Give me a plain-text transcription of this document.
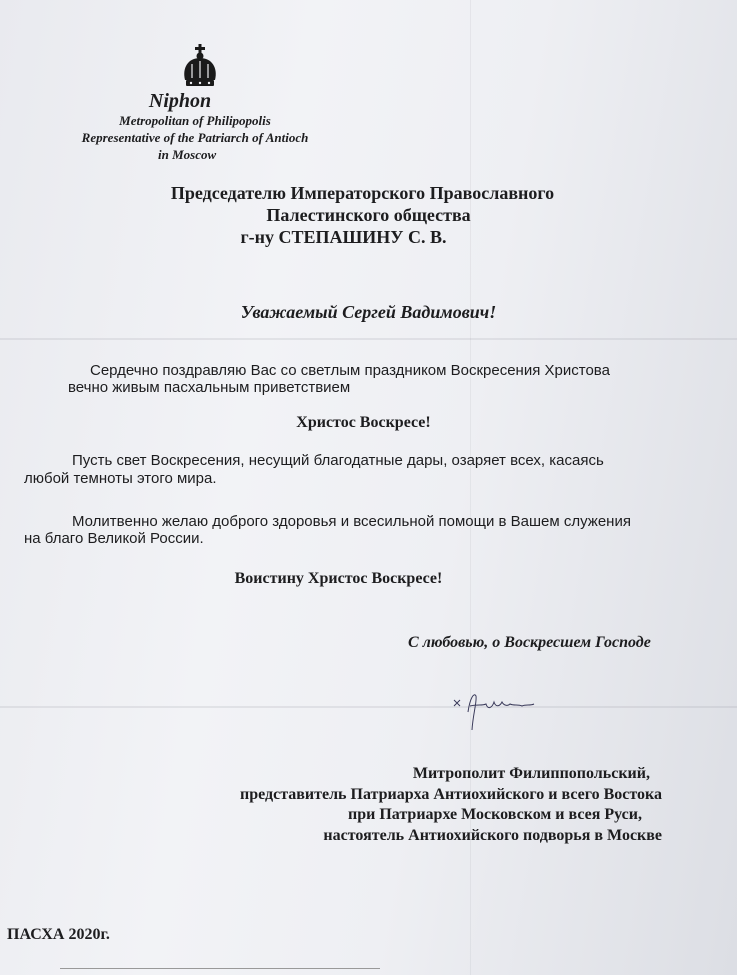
Niphon
Metropolitan of Philipopolis
Representative of the Patriarch of Antioch
in Moscow
Председателю Императорского Православного
Палестинского общества
г-ну СТЕПАШИНУ С. В.
Уважаемый Сергей Вадимович!
Сердечно поздравляю Вас со светлым праздником Воскресения Христова
вечно живым пасхальным приветствием
Христос Воскресе!
Пусть свет Воскресения, несущий благодатные дары, озаряет всех, касаясь
любой темноты этого мира.
Молитвенно желаю доброго здоровья и всесильной помощи в Вашем служения
на благо Великой России.
Воистину Христос Воскресе!
С любовью, о Воскресшем Господе
Митрополит Филиппопольский,
представитель Патриарха Антиохийского и всего Востока
при Патриархе Московском и всея Руси,
настоятель Антиохийского подворья в Москве
ПАСХА 2020г.
